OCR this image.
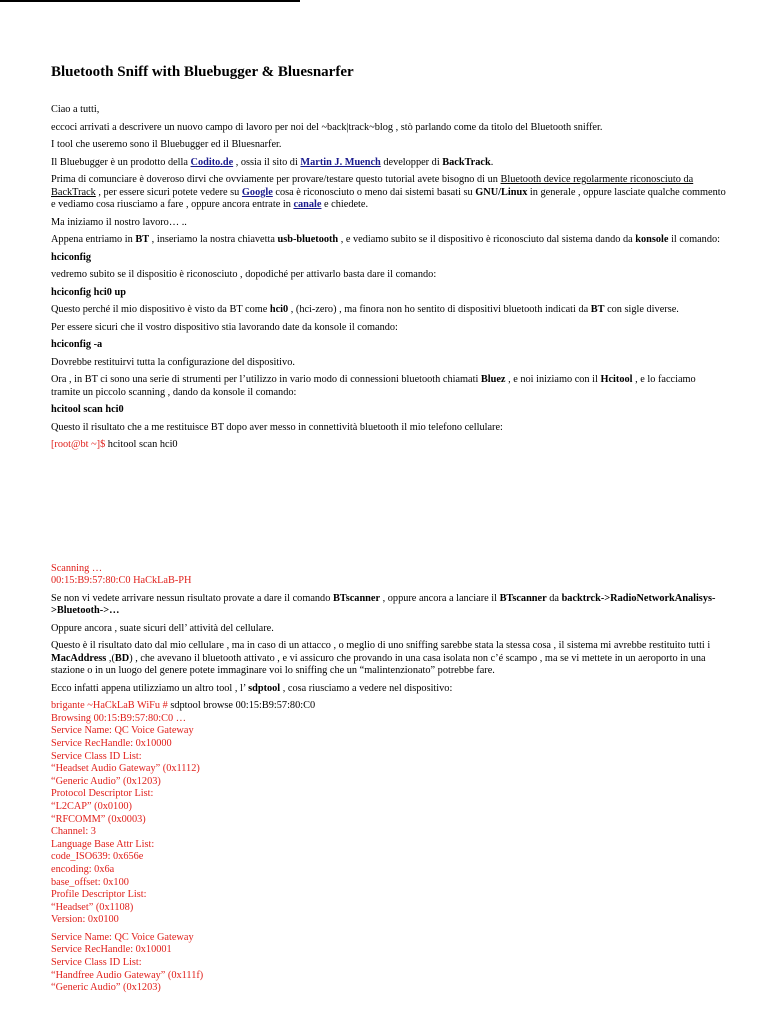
Bluetooth Sniff with Bluebugger & Bluesnarfer

Ciao a tutti,

eccoci arrivati a descrivere un nuovo campo di lavoro per noi del ~back|track~blog , stò parlando come da titolo del Bluetooth sniffer.

I tool che useremo sono il Bluebugger ed il Bluesnarfer.

Il Bluebugger è un prodotto della Codito.de , ossia il sito di Martin J. Muench developper di BackTrack.

Prima di comunciare è doveroso dirvi che ovviamente per provare/testare questo tutorial avete bisogno di un Bluetooth device regolarmente riconosciuto da BackTrack , per essere sicuri potete vedere su Google cosa è riconosciuto o meno dai sistemi basati su GNU/Linux in generale , oppure lasciate qualche commento e vediamo cosa riusciamo a fare , oppure ancora entrate in canale e chiedete.

Ma iniziamo il nostro lavoro… ..

Appena entriamo in BT , inseriamo la nostra chiavetta usb-bluetooth , e vediamo subito se il dispositivo è riconosciuto dal sistema dando da konsole il comando:

hciconfig

vedremo subito se il dispositio è riconosciuto , dopodiché per attivarlo basta dare il comando:

hciconfig hci0 up

Questo perché il mio dispositivo è visto da BT come hci0 , (hci-zero) , ma finora non ho sentito di dispositivi bluetooth indicati da BT con sigle diverse.

Per essere sicuri che il vostro dispositivo stia lavorando date da konsole il comando:

hciconfig -a

Dovrebbe restituirvi tutta la configurazione del dispositivo.

Ora , in BT ci sono una serie di strumenti per l’utilizzo in vario modo di connessioni bluetooth chiamati Bluez , e noi iniziamo con il Hcitool , e lo facciamo tramite un piccolo scanning , dando da konsole il comando:

hcitool scan hci0

Questo il risultato che a me restituisce BT dopo aver messo in connettività bluetooth il mio telefono cellulare:

[root@bt ~]$ hcitool scan hci0

Scanning …
00:15:B9:57:80:C0 HaCkLaB-PH

Se non vi vedete arrivare nessun risultato provate a dare il comando BTscanner , oppure ancora a lanciare il BTscanner da backtrck->RadioNetworkAnalisys->Bluetooth->…

Oppure ancora , suate sicuri dell’ attività del cellulare.

Questo è il risultato dato dal mio cellulare , ma in caso di un attacco , o meglio di uno sniffing sarebbe stata la stessa cosa , il sistema mi avrebbe restituito tutti i MacAddress ,(BD) , che avevano il bluetooth attivato , e vi assicuro che provando in una casa isolata non c’é scampo , ma se vi mettete in un aeroporto in una stazione o in un luogo del genere potete immaginare voi lo sniffing che un “malintenzionato” potrebbe fare.

Ecco infatti appena utilizziamo un altro tool , l’ sdptool , cosa riusciamo a vedere nel dispositivo:

brigante ~HaCkLaB WiFu # sdptool browse 00:15:B9:57:80:C0
Browsing 00:15:B9:57:80:C0 …
Service Name: QC Voice Gateway
Service RecHandle: 0x10000
Service Class ID List:
“Headset Audio Gateway” (0x1112)
“Generic Audio” (0x1203)
Protocol Descriptor List:
“L2CAP” (0x0100)
“RFCOMM” (0x0003)
Channel: 3
Language Base Attr List:
code_ISO639: 0x656e
encoding: 0x6a
base_offset: 0x100
Profile Descriptor List:
“Headset” (0x1108)
Version: 0x0100
Service Name: QC Voice Gateway
Service RecHandle: 0x10001
Service Class ID List:
“Handfree Audio Gateway” (0x111f)
“Generic Audio” (0x1203)
